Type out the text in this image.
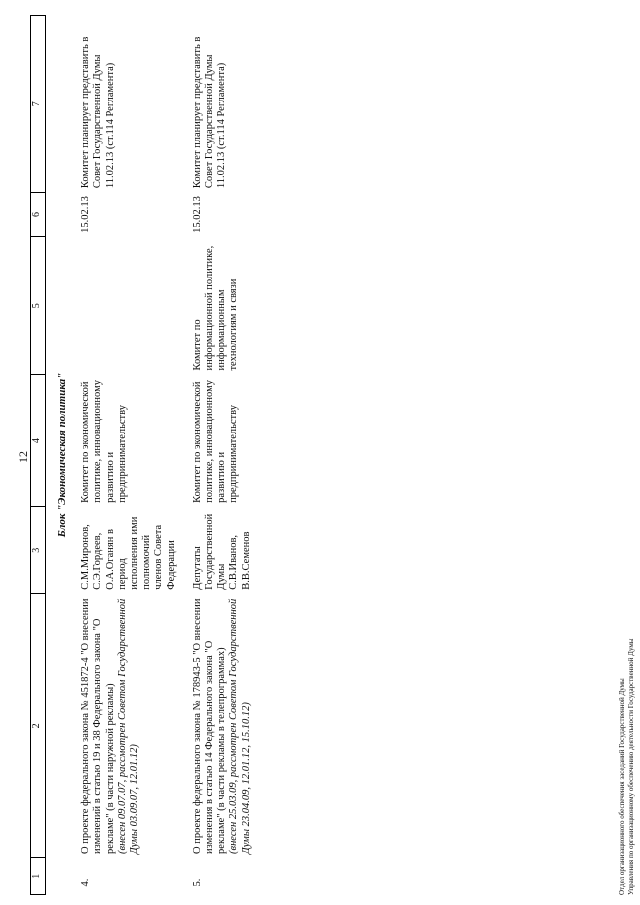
12
1	2	3	4	5	6	7
Блок "Экономическая политика"						
4.	О проекте федерального закона № 451872-4 "О внесении изменений в статью 19 и 38 Федерального закона "О рекламе" (в части наружной рекламы)
(внесен 09.07.07, рассмотрен Советом Государственной Думы 03.09.07, 12.01.12)	С.М.Миронов, С.Э.Гордеев, О.А.Оганян в период исполнения ими полномочий членов Совета Федерации	Комитет по экономической политике, инновационному развитию и предпринимательству		15.02.13	Комитет планирует представить в Совет Государственной Думы 11.02.13 (ст.114 Регламента)
5.	О проекте федерального закона № 178943-5 "О внесении изменения в статью 14 Федерального закона "О рекламе" (в части рекламы в телепрограммах)
(внесен 25.03.09, рассмотрен Советом Государственной Думы 23.04.09, 12.01.12, 15.10.12)	Депутаты Государственной Думы С.В.Иванов, В.В.Семенов	Комитет по экономической политике, инновационному развитию и предпринимательству	Комитет по информационной политике, информационным технологиям и связи	15.02.13	Комитет планирует представить в Совет Государственной Думы 11.02.13 (ст.114 Регламента)
Отдел организационного обеспечения заседаний Государственной Думы Управления по организационному обеспечению деятельности Государственной Думы
